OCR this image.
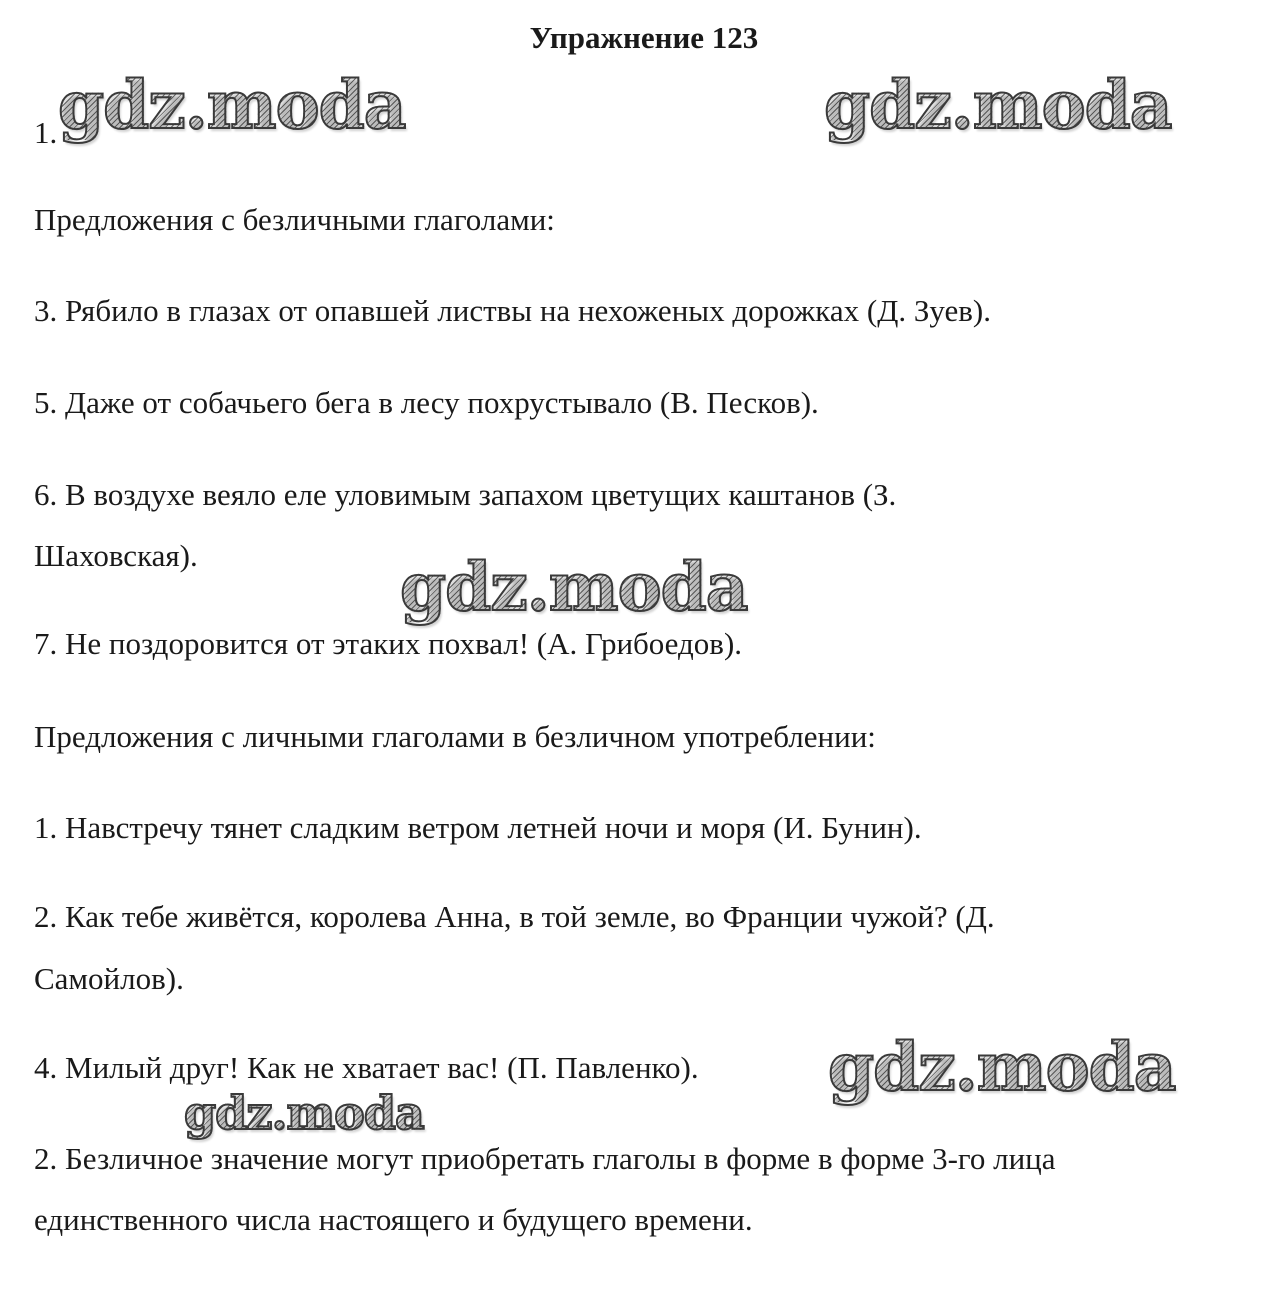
Упражнение 123
1.
Предложения с безличными глаголами:
3. Рябило в глазах от опавшей листвы на нехоженых дорожках (Д. Зуев).
5. Даже от собачьего бега в лесу похрустывало (В. Песков).
6. В воздухе веяло еле уловимым запахом цветущих каштанов (З.
Шаховская).
7. Не поздоровится от этаких похвал! (А. Грибоедов).
Предложения с личными глаголами в безличном употреблении:
1. Навстречу тянет сладким ветром летней ночи и моря (И. Бунин).
2. Как тебе живётся, королева Анна, в той земле, во Франции чужой? (Д.
Самойлов).
4. Милый друг! Как не хватает вас! (П. Павленко).
2. Безличное значение могут приобретать глаголы в форме в форме 3-го лица
единственного числа настоящего и будущего времени.
gdz.moda	gdz.moda
gdz.moda
gdz.moda
gdz.moda
